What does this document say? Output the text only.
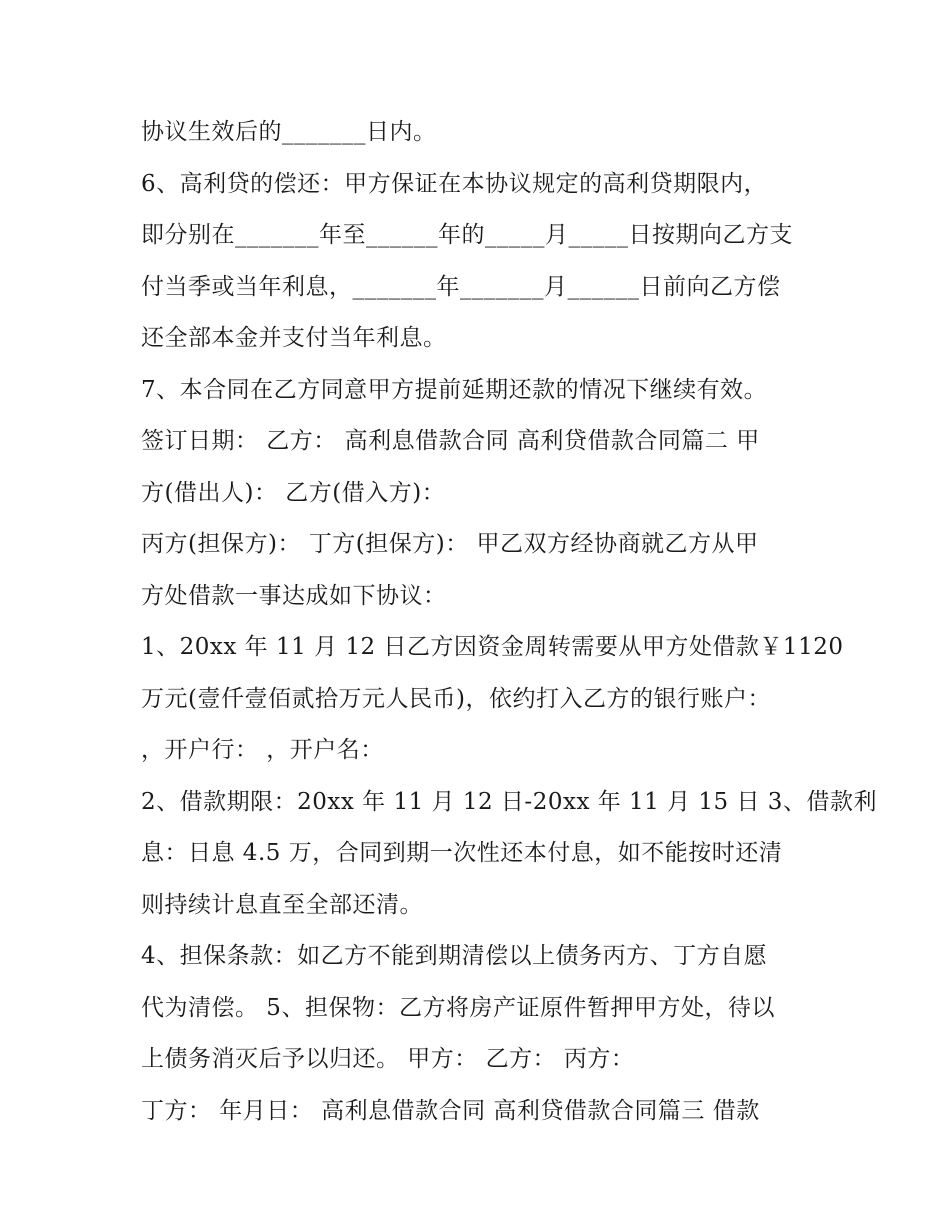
协议生效后的_______日内。
6、高利贷的偿还：甲方保证在本协议规定的高利贷期限内，
即分别在_______年至______年的_____月_____日按期向乙方支
付当季或当年利息，_______年_______月______日前向乙方偿
还全部本金并支付当年利息。
7、本合同在乙方同意甲方提前延期还款的情况下继续有效。
签订日期： 乙方： 高利息借款合同 高利贷借款合同篇二 甲
方(借出人)： 乙方(借入方)：
丙方(担保方)： 丁方(担保方)： 甲乙双方经协商就乙方从甲
方处借款一事达成如下协议：
1、20xx 年 11 月 12 日乙方因资金周转需要从甲方处借款￥1120
万元(壹仟壹佰贰拾万元人民币)，依约打入乙方的银行账户：
，开户行： ，开户名：
2、借款期限：20xx 年 11 月 12 日-20xx 年 11 月 15 日 3、借款利
息：日息 4.5 万，合同到期一次性还本付息，如不能按时还清
则持续计息直至全部还清。
4、担保条款：如乙方不能到期清偿以上债务丙方、丁方自愿
代为清偿。 5、担保物：乙方将房产证原件暂押甲方处，待以
上债务消灭后予以归还。 甲方： 乙方： 丙方：
丁方： 年月日： 高利息借款合同 高利贷借款合同篇三 借款
